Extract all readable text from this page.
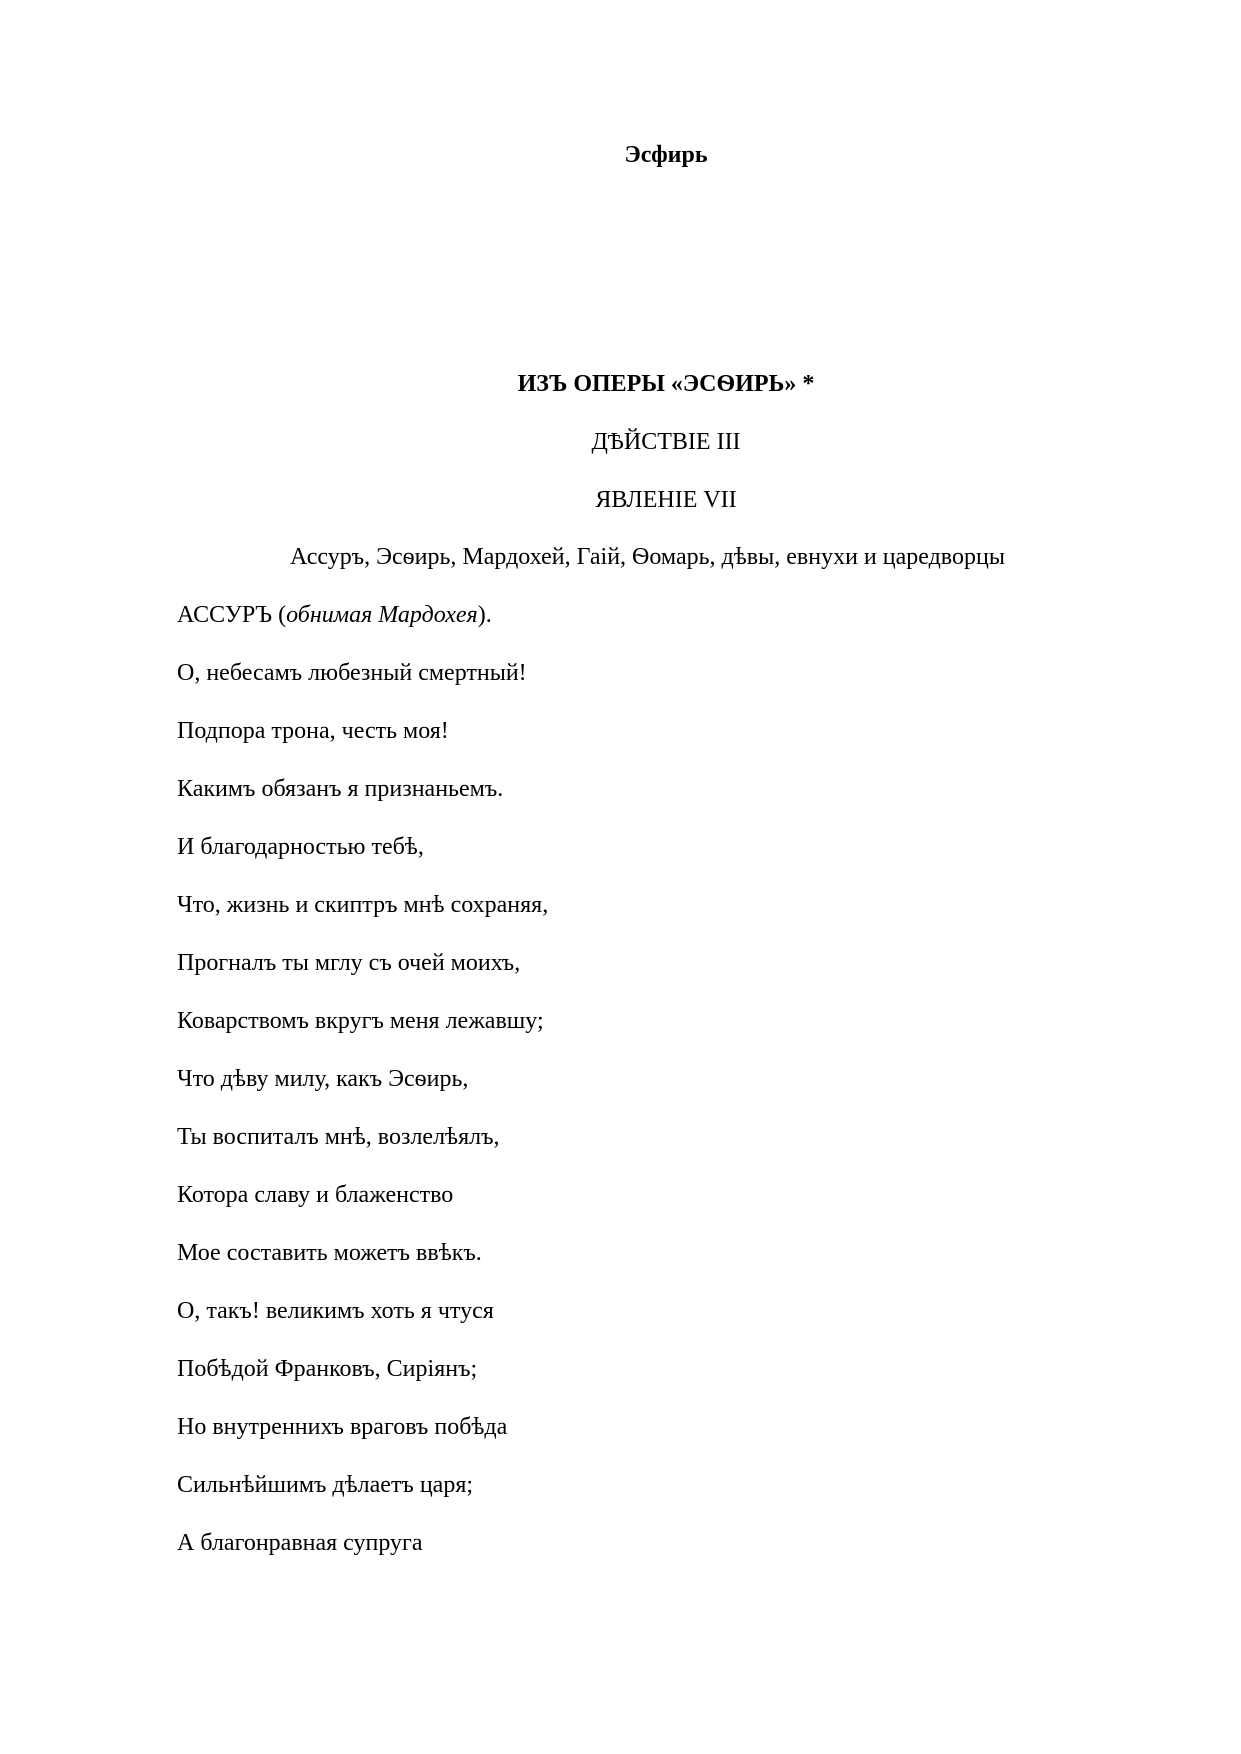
Эсфирь
ИЗЪ ОПЕРЫ «ЭСѲИРЬ» *
ДѢЙСТВІЕ III
ЯВЛЕНІЕ VII
Ассуръ, Эсѳирь, Мардохей, Гаій, Ѳомарь, дѣвы, евнухи и царедворцы
АССУРЪ (обнимая Мардохея).
О, небесамъ любезный смертный!
Подпора трона, честь моя!
Какимъ обязанъ я признаньемъ.
И благодарностью тебѣ,
Что, жизнь и скиптръ мнѣ сохраняя,
Прогналъ ты мглу съ очей моихъ,
Коварствомъ вкругъ меня лежавшу;
Что дѣву милу, какъ Эсѳирь,
Ты воспиталъ мнѣ, возлелѣялъ,
Котора славу и блаженство
Мое составить можетъ ввѣкъ.
О, такъ! великимъ хоть я чтуся
Побѣдой Франковъ, Сиріянъ;
Но внутреннихъ враговъ побѣда
Сильнѣйшимъ дѣлаетъ царя;
А благонравная супруга
